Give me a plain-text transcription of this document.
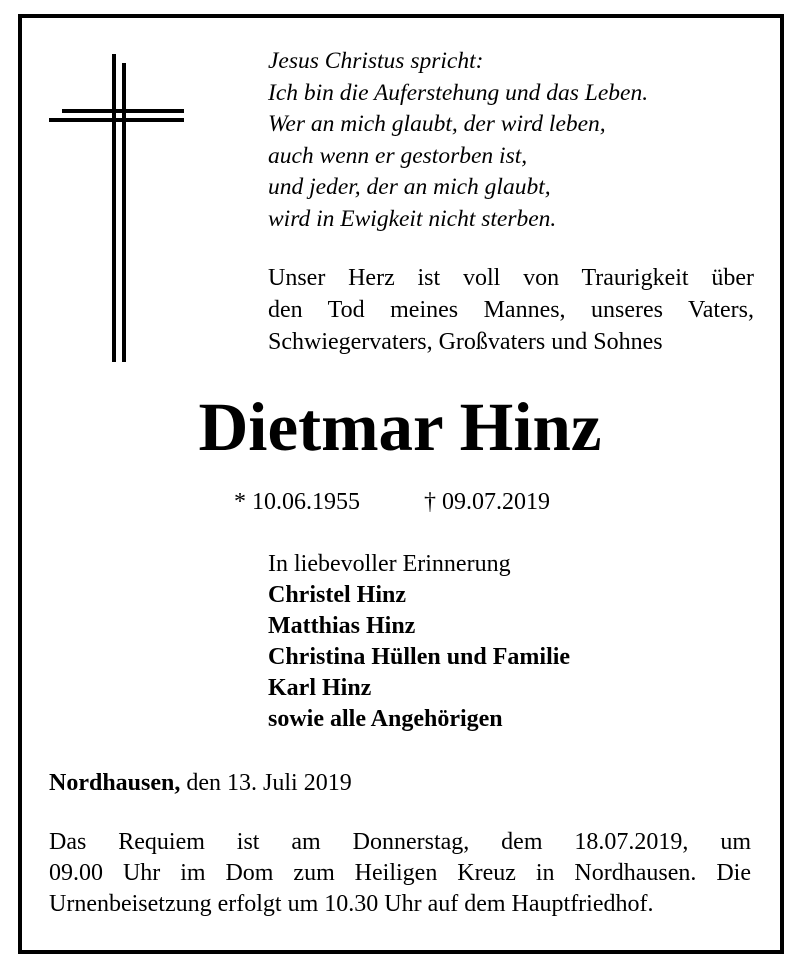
Jesus Christus spricht:
Ich bin die Auferstehung und das Leben.
Wer an mich glaubt, der wird leben,
auch wenn er gestorben ist,
und jeder, der an mich glaubt,
wird in Ewigkeit nicht sterben.
Unser Herz ist voll von Traurigkeit über
den Tod meines Mannes, unseres Vaters,
Schwiegervaters, Großvaters und Sohnes
Dietmar Hinz
* 10.06.1955	† 09.07.2019
In liebevoller Erinnerung
Christel Hinz
Matthias Hinz
Christina Hüllen und Familie
Karl Hinz
sowie alle Angehörigen
Nordhausen, den 13. Juli 2019
Das Requiem ist am Donnerstag, dem 18.07.2019, um
09.00 Uhr im Dom zum Heiligen Kreuz in Nordhausen. Die
Urnenbeisetzung erfolgt um 10.30 Uhr auf dem Hauptfriedhof.
